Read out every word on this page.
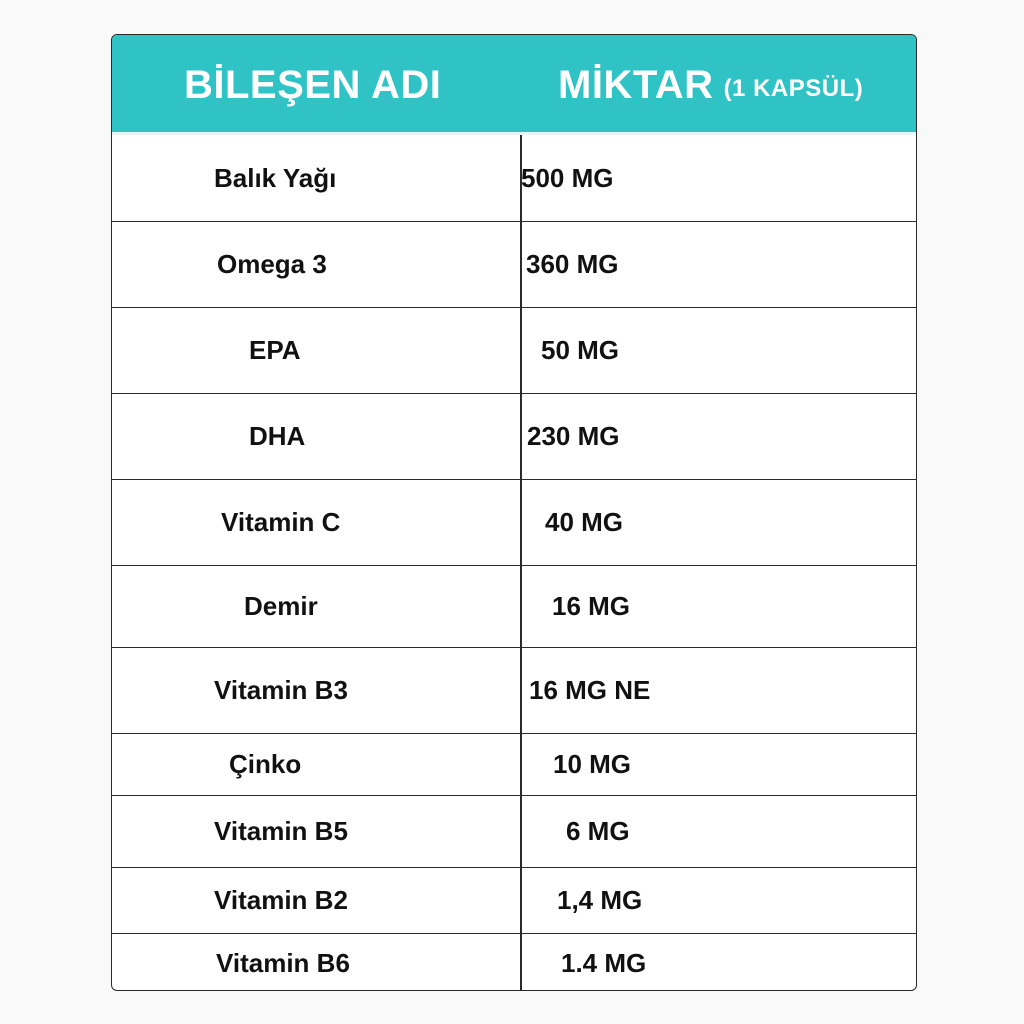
BİLEŞEN ADI	MİKTAR (1 KAPSÜL)
Balık Yağı	500 MG
Omega 3	360 MG
EPA	50 MG
DHA	230 MG
Vitamin C	40 MG
Demir	16 MG
Vitamin B3	16 MG NE
Çinko	10 MG
Vitamin B5	6 MG
Vitamin B2	1,4 MG
Vitamin B6	1.4 MG
